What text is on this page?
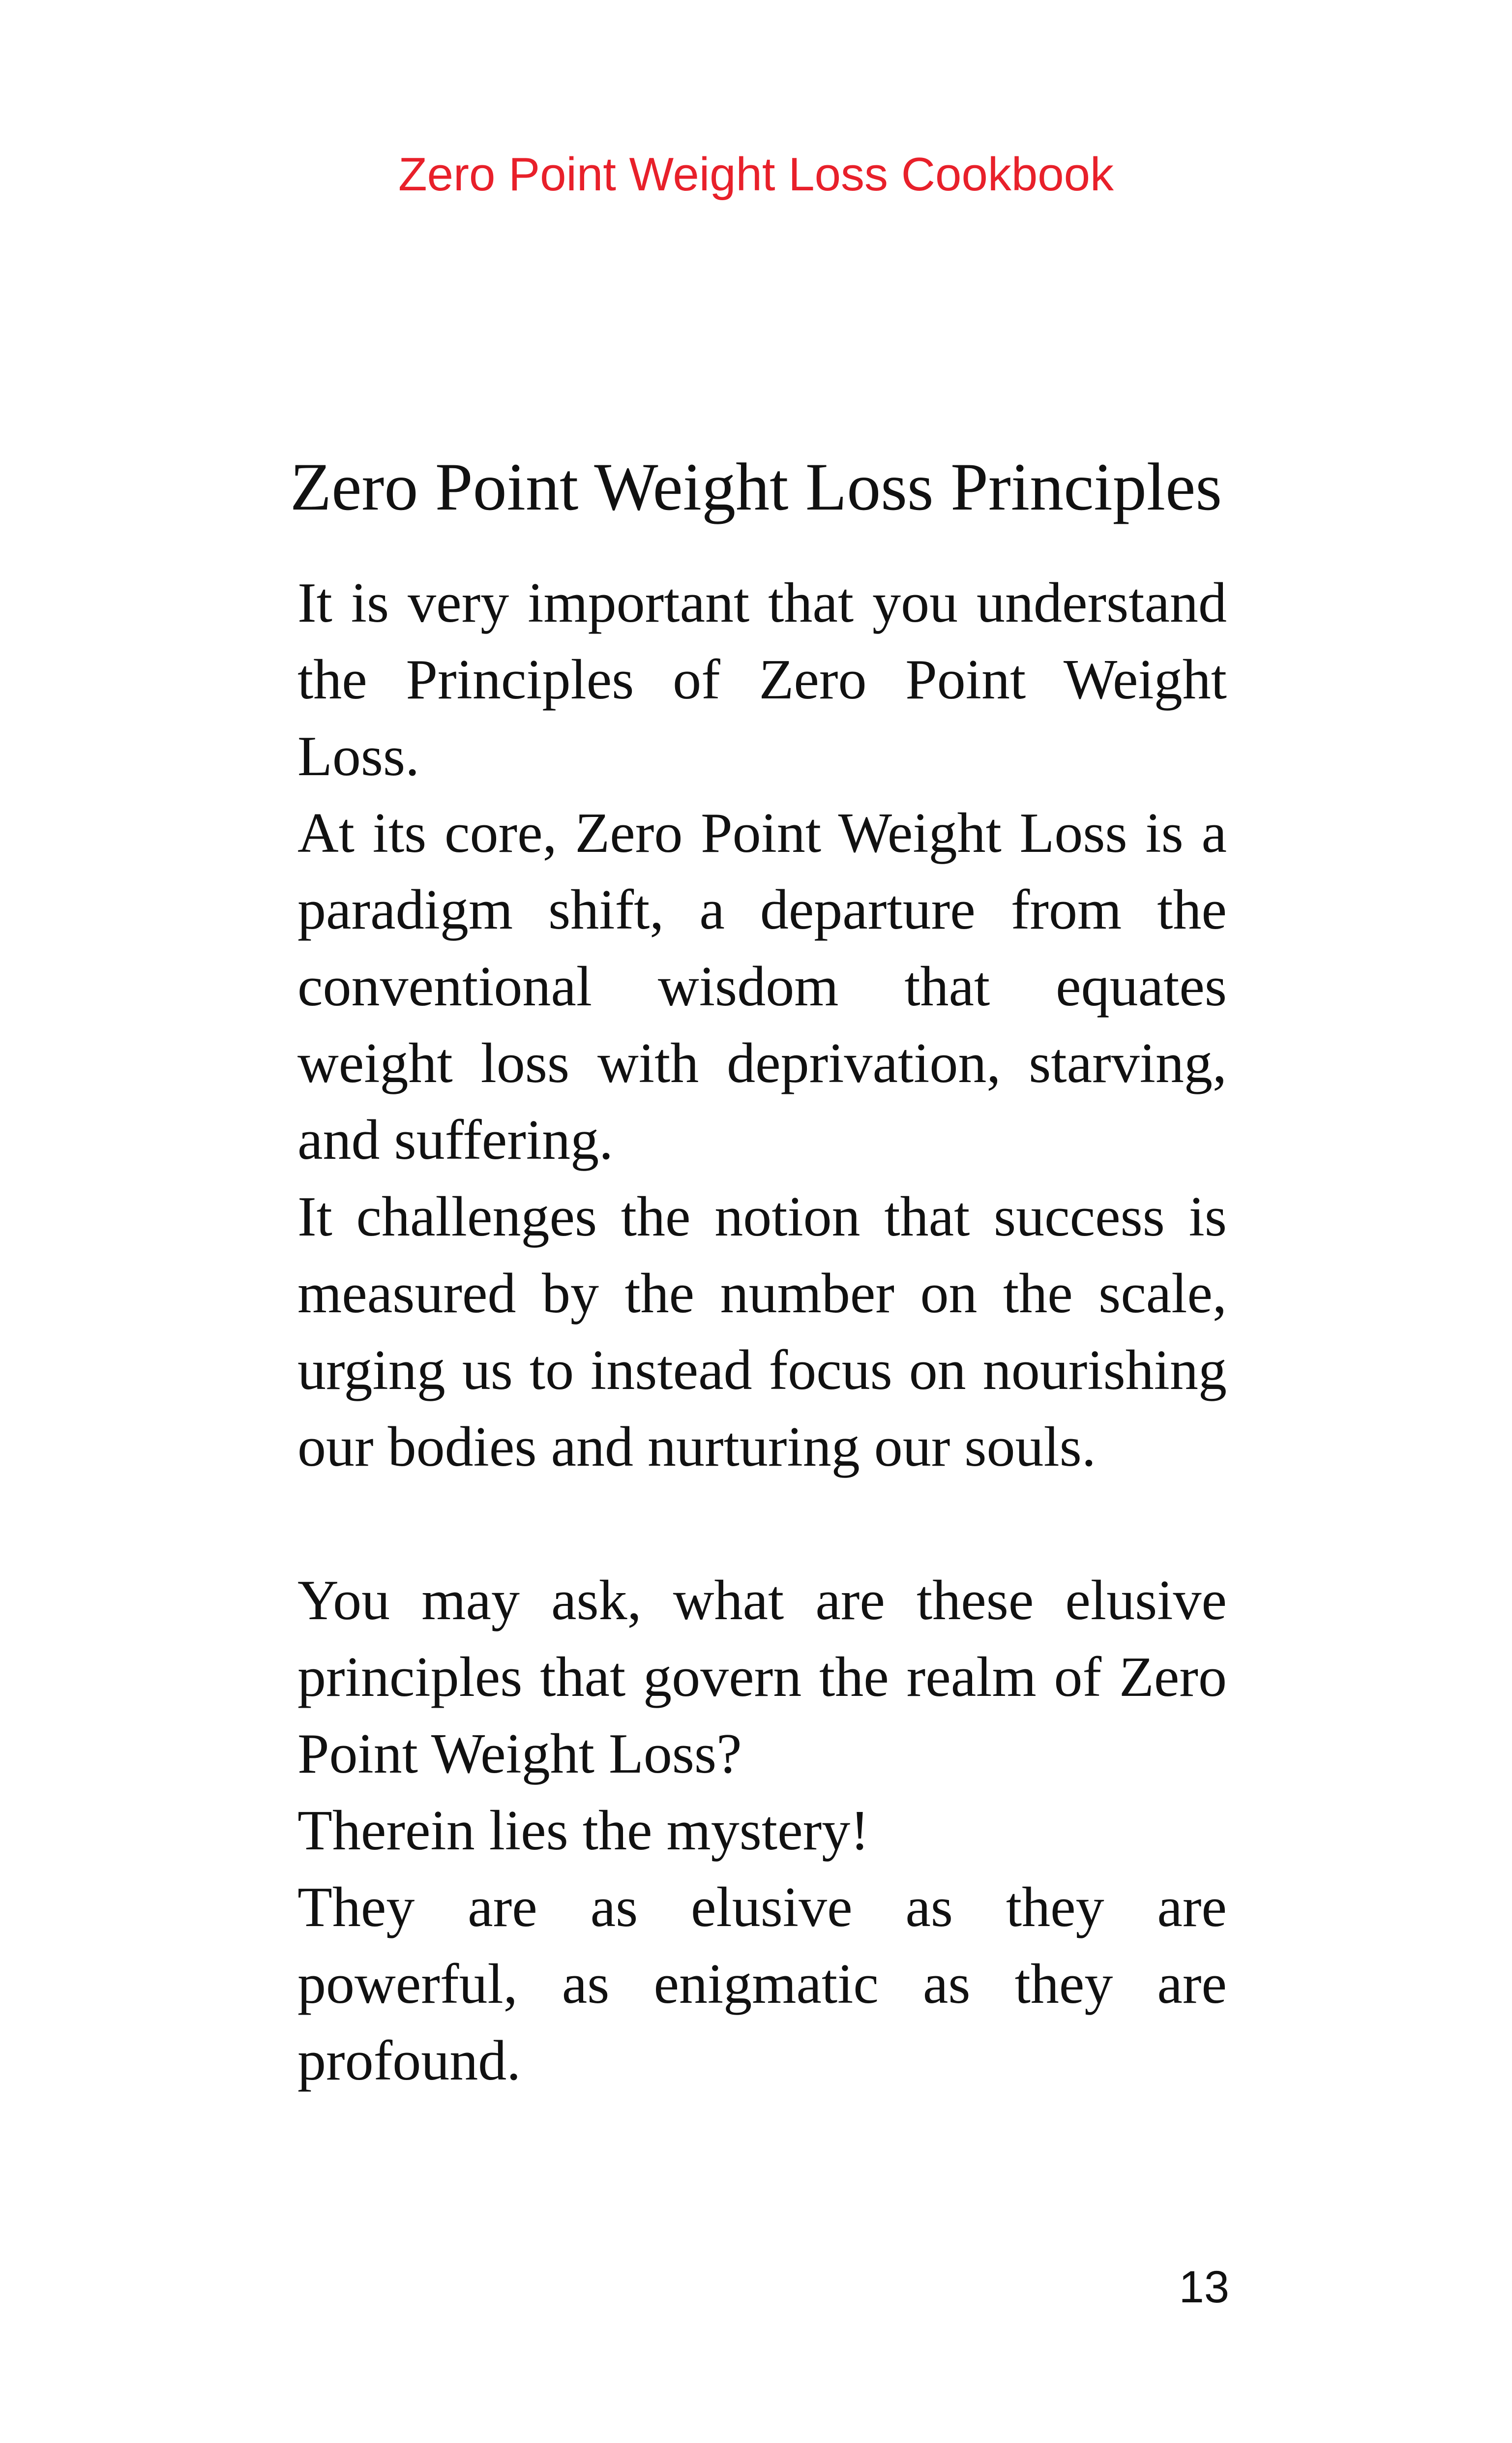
Zero Point Weight Loss Cookbook
Zero Point Weight Loss Principles

It is very important that you understand the Principles of Zero Point Weight Loss.

At its core, Zero Point Weight Loss is a paradigm shift, a departure from the conventional wisdom that equates weight loss with deprivation, starving, and suffering.

It challenges the notion that success is measured by the number on the scale, urging us to instead focus on nourishing our bodies and nurturing our souls.

You may ask, what are these elusive principles that govern the realm of Zero Point Weight Loss?

Therein lies the mystery!

They are as elusive as they are powerful, as enigmatic as they are profound.

13
